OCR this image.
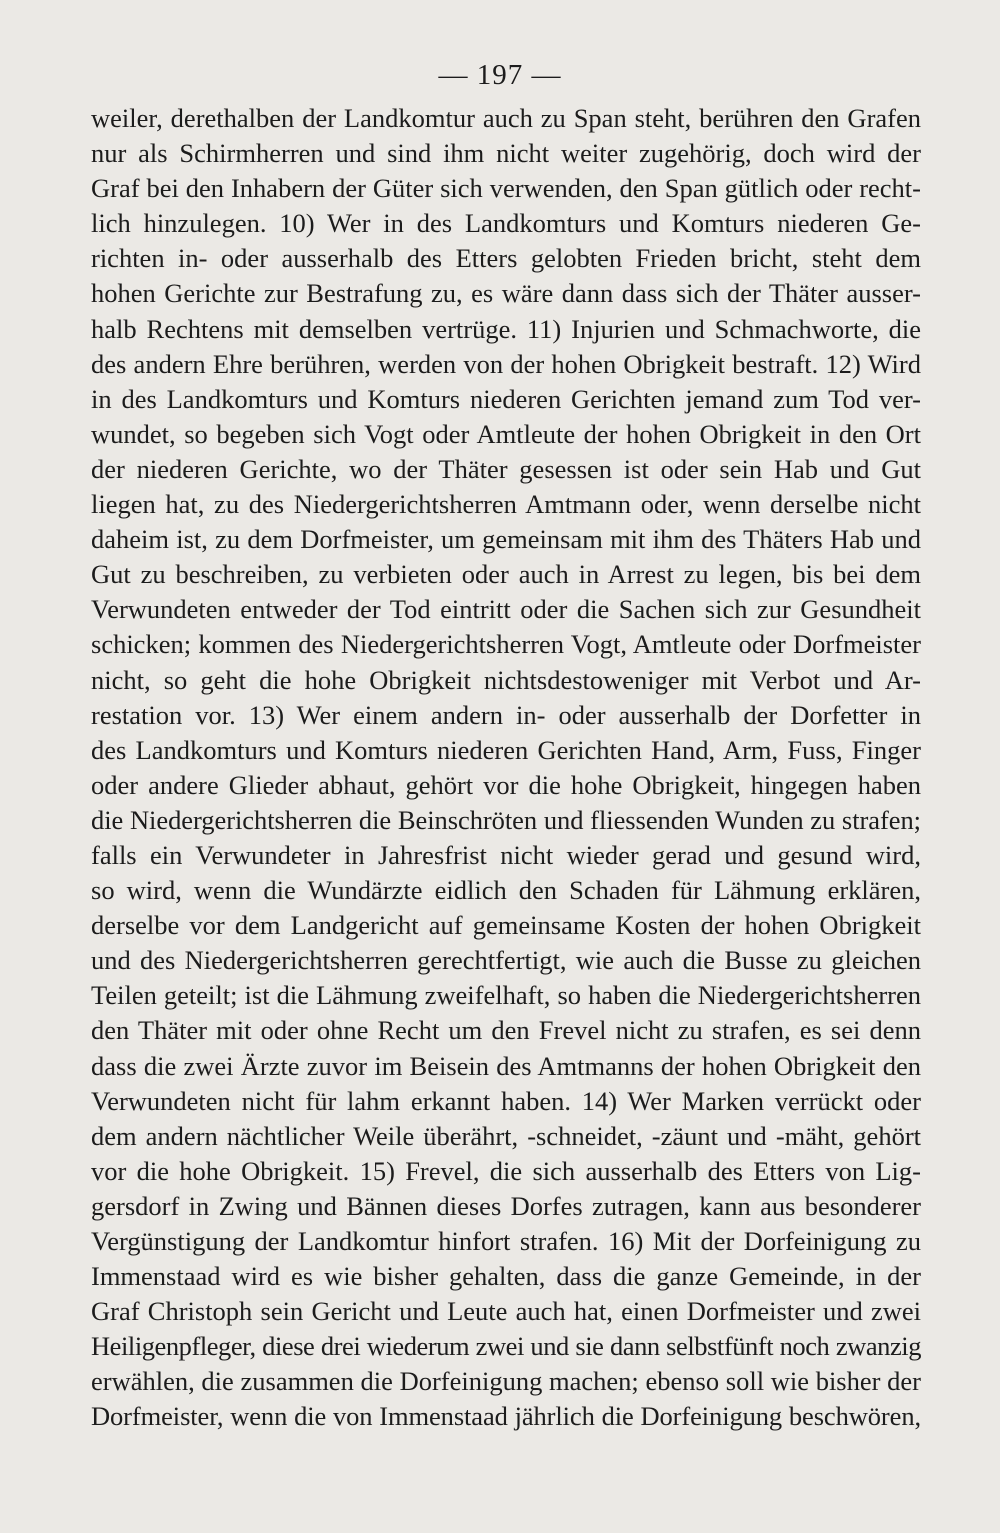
— 197 —
weiler, derethalben der Landkomtur auch zu Span steht, berühren den Grafen
nur als Schirmherren und sind ihm nicht weiter zugehörig, doch wird der
Graf bei den Inhabern der Güter sich verwenden, den Span gütlich oder recht-
lich hinzulegen. 10) Wer in des Landkomturs und Komturs niederen Ge-
richten in- oder ausserhalb des Etters gelobten Frieden bricht, steht dem
hohen Gerichte zur Bestrafung zu, es wäre dann dass sich der Thäter ausser-
halb Rechtens mit demselben vertrüge. 11) Injurien und Schmachworte, die
des andern Ehre berühren, werden von der hohen Obrigkeit bestraft. 12) Wird
in des Landkomturs und Komturs niederen Gerichten jemand zum Tod ver-
wundet, so begeben sich Vogt oder Amtleute der hohen Obrigkeit in den Ort
der niederen Gerichte, wo der Thäter gesessen ist oder sein Hab und Gut
liegen hat, zu des Niedergerichtsherren Amtmann oder, wenn derselbe nicht
daheim ist, zu dem Dorfmeister, um gemeinsam mit ihm des Thäters Hab und
Gut zu beschreiben, zu verbieten oder auch in Arrest zu legen, bis bei dem
Verwundeten entweder der Tod eintritt oder die Sachen sich zur Gesundheit
schicken; kommen des Niedergerichtsherren Vogt, Amtleute oder Dorfmeister
nicht, so geht die hohe Obrigkeit nichtsdestoweniger mit Verbot und Ar-
restation vor. 13) Wer einem andern in- oder ausserhalb der Dorfetter in
des Landkomturs und Komturs niederen Gerichten Hand, Arm, Fuss, Finger
oder andere Glieder abhaut, gehört vor die hohe Obrigkeit, hingegen haben
die Niedergerichtsherren die Beinschröten und fliessenden Wunden zu strafen;
falls ein Verwundeter in Jahresfrist nicht wieder gerad und gesund wird,
so wird, wenn die Wundärzte eidlich den Schaden für Lähmung erklären,
derselbe vor dem Landgericht auf gemeinsame Kosten der hohen Obrigkeit
und des Niedergerichtsherren gerechtfertigt, wie auch die Busse zu gleichen
Teilen geteilt; ist die Lähmung zweifelhaft, so haben die Niedergerichtsherren
den Thäter mit oder ohne Recht um den Frevel nicht zu strafen, es sei denn
dass die zwei Ärzte zuvor im Beisein des Amtmanns der hohen Obrigkeit den
Verwundeten nicht für lahm erkannt haben. 14) Wer Marken verrückt oder
dem andern nächtlicher Weile überährt, -schneidet, -zäunt und -mäht, gehört
vor die hohe Obrigkeit. 15) Frevel, die sich ausserhalb des Etters von Lig-
gersdorf in Zwing und Bännen dieses Dorfes zutragen, kann aus besonderer
Vergünstigung der Landkomtur hinfort strafen. 16) Mit der Dorfeinigung zu
Immenstaad wird es wie bisher gehalten, dass die ganze Gemeinde, in der
Graf Christoph sein Gericht und Leute auch hat, einen Dorfmeister und zwei
Heiligenpfleger, diese drei wiederum zwei und sie dann selbstfünft noch zwanzig
erwählen, die zusammen die Dorfeinigung machen; ebenso soll wie bisher der
Dorfmeister, wenn die von Immenstaad jährlich die Dorfeinigung beschwören,
